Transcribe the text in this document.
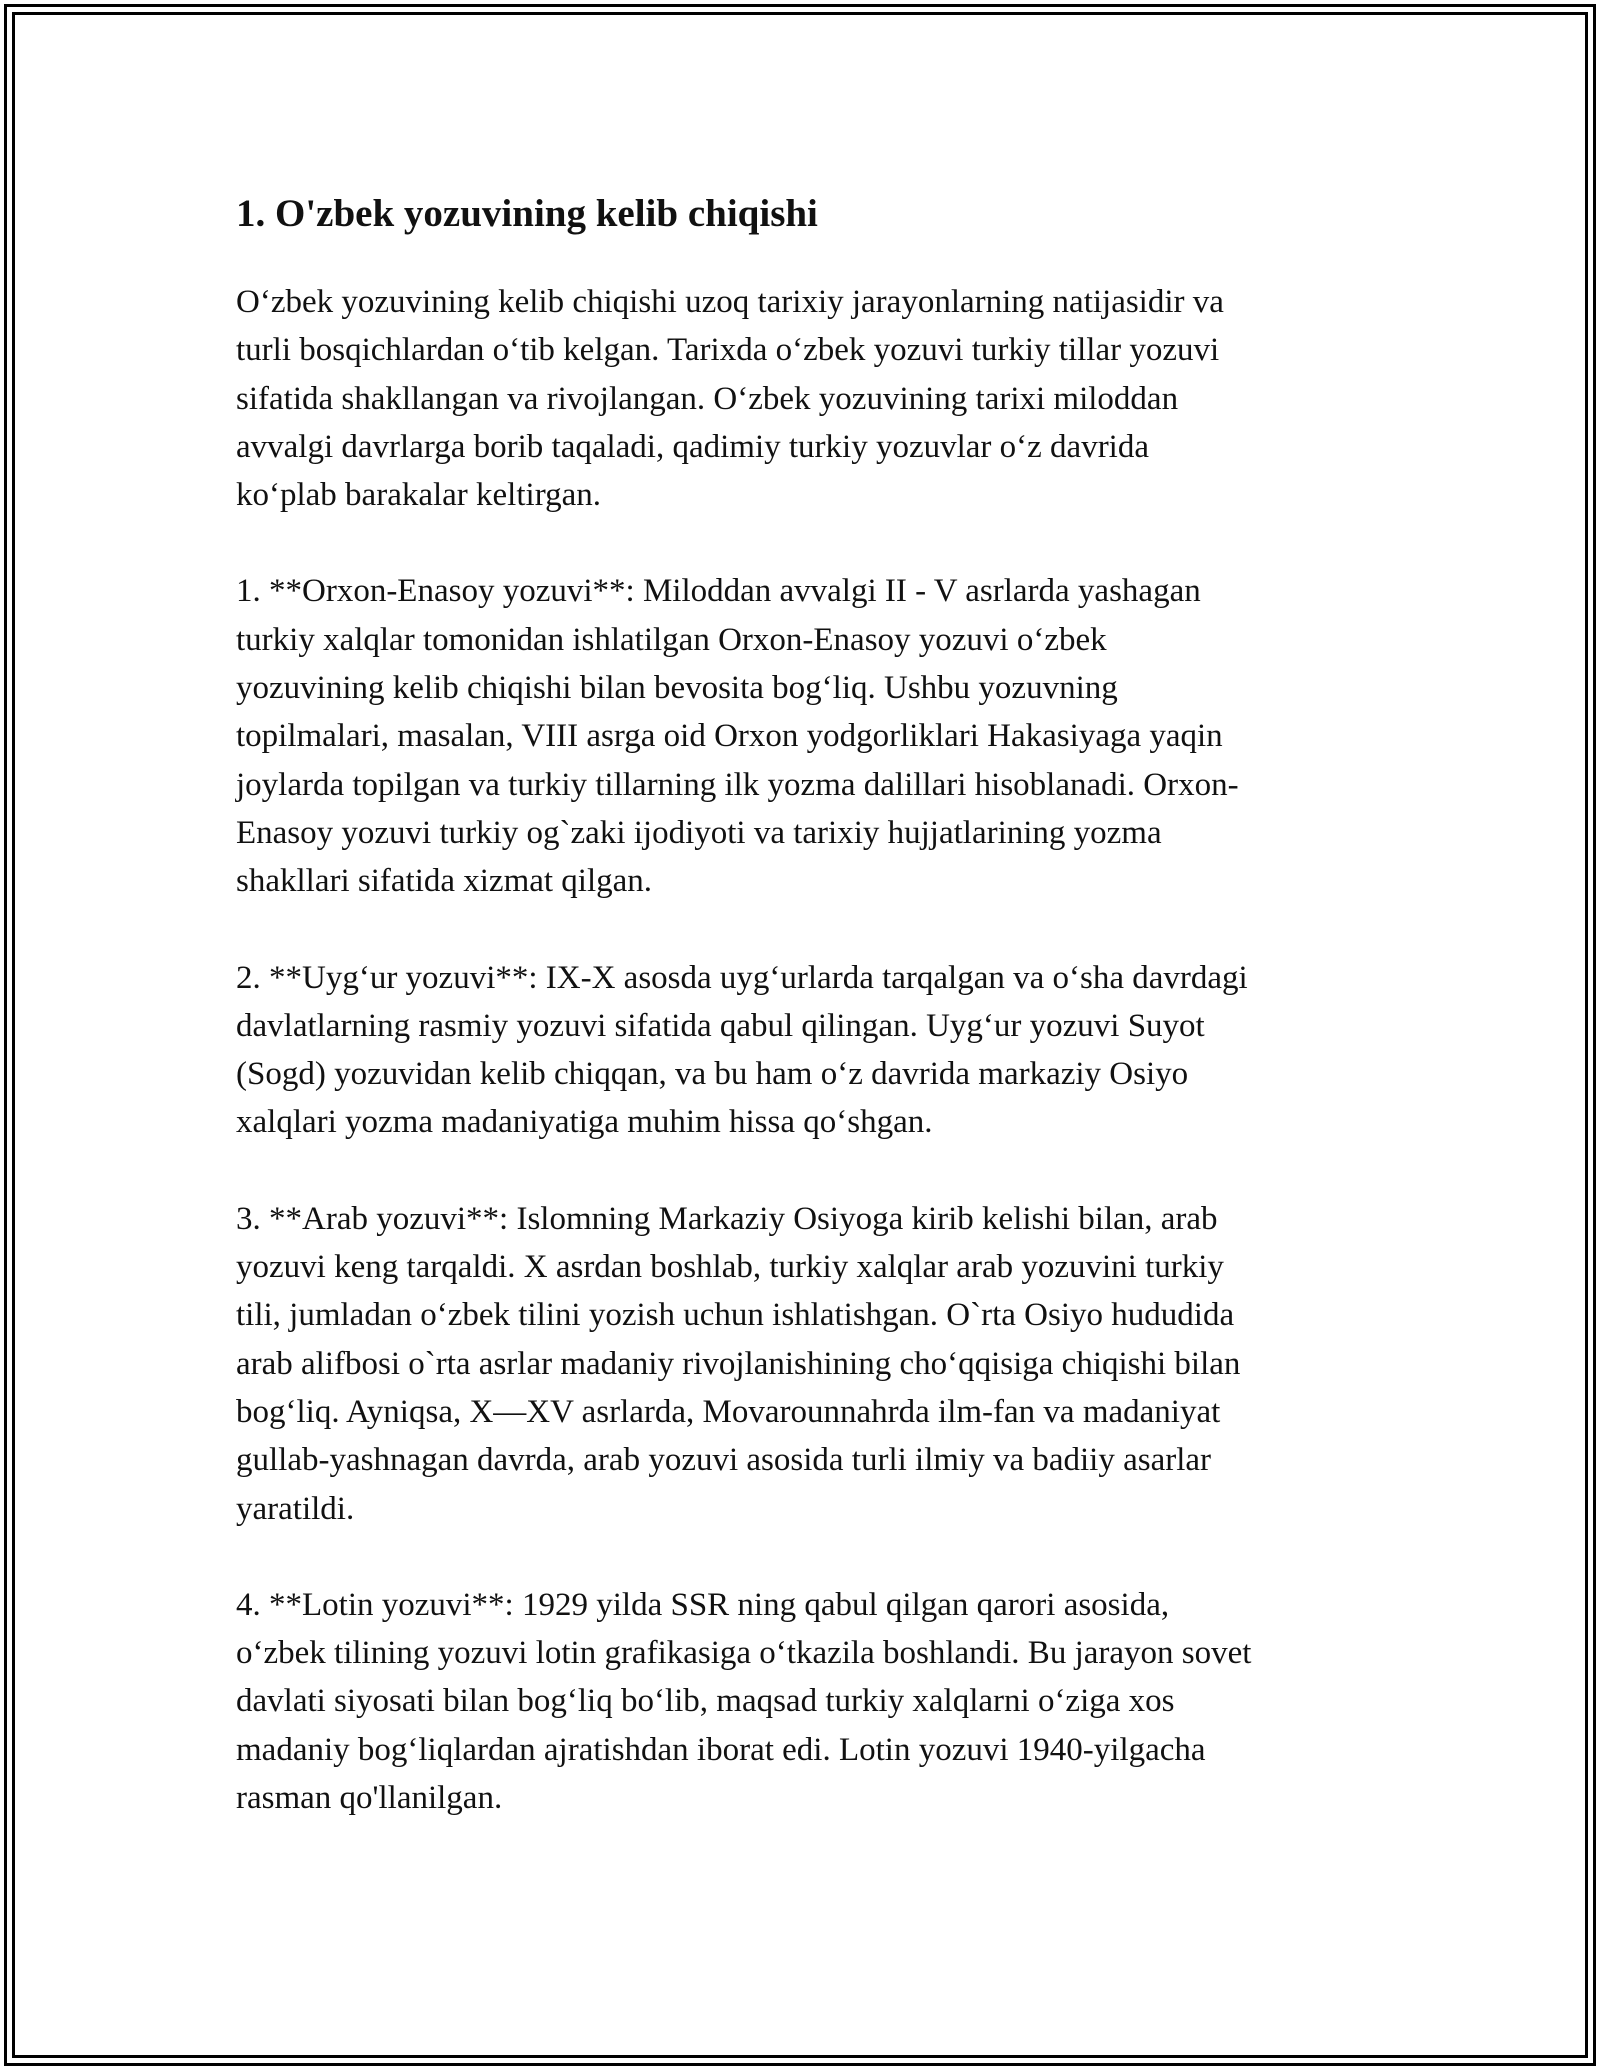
1. O'zbek yozuvining kelib chiqishi

O‘zbek yozuvining kelib chiqishi uzoq tarixiy jarayonlarning natijasidir va
turli bosqichlardan o‘tib kelgan. Tarixda o‘zbek yozuvi turkiy tillar yozuvi
sifatida shakllangan va rivojlangan. O‘zbek yozuvining tarixi miloddan
avvalgi davrlarga borib taqaladi, qadimiy turkiy yozuvlar o‘z davrida
ko‘plab barakalar keltirgan.

1. **Orxon-Enasoy yozuvi**: Miloddan avvalgi II - V asrlarda yashagan
turkiy xalqlar tomonidan ishlatilgan Orxon-Enasoy yozuvi o‘zbek
yozuvining kelib chiqishi bilan bevosita bog‘liq. Ushbu yozuvning
topilmalari, masalan, VIII asrga oid Orxon yodgorliklari Hakasiyaga yaqin
joylarda topilgan va turkiy tillarning ilk yozma dalillari hisoblanadi. Orxon-
Enasoy yozuvi turkiy og`zaki ijodiyoti va tarixiy hujjatlarining yozma
shakllari sifatida xizmat qilgan.

2. **Uyg‘ur yozuvi**: IX-X asosda uyg‘urlarda tarqalgan va o‘sha davrdagi
davlatlarning rasmiy yozuvi sifatida qabul qilingan. Uyg‘ur yozuvi Suyot
(Sogd) yozuvidan kelib chiqqan, va bu ham o‘z davrida markaziy Osiyo
xalqlari yozma madaniyatiga muhim hissa qo‘shgan.

3. **Arab yozuvi**: Islomning Markaziy Osiyoga kirib kelishi bilan, arab
yozuvi keng tarqaldi. X asrdan boshlab, turkiy xalqlar arab yozuvini turkiy
tili, jumladan o‘zbek tilini yozish uchun ishlatishgan. O`rta Osiyo hududida
arab alifbosi o`rta asrlar madaniy rivojlanishining cho‘qqisiga chiqishi bilan
bog‘liq. Ayniqsa, X—XV asrlarda, Movarounnahrda ilm-fan va madaniyat
gullab-yashnagan davrda, arab yozuvi asosida turli ilmiy va badiiy asarlar
yaratildi.

4. **Lotin yozuvi**: 1929 yilda SSR ning qabul qilgan qarori asosida,
o‘zbek tilining yozuvi lotin grafikasiga o‘tkazila boshlandi. Bu jarayon sovet
davlati siyosati bilan bog‘liq bo‘lib, maqsad turkiy xalqlarni o‘ziga xos
madaniy bog‘liqlardan ajratishdan iborat edi. Lotin yozuvi 1940-yilgacha
rasman qo'llanilgan.
